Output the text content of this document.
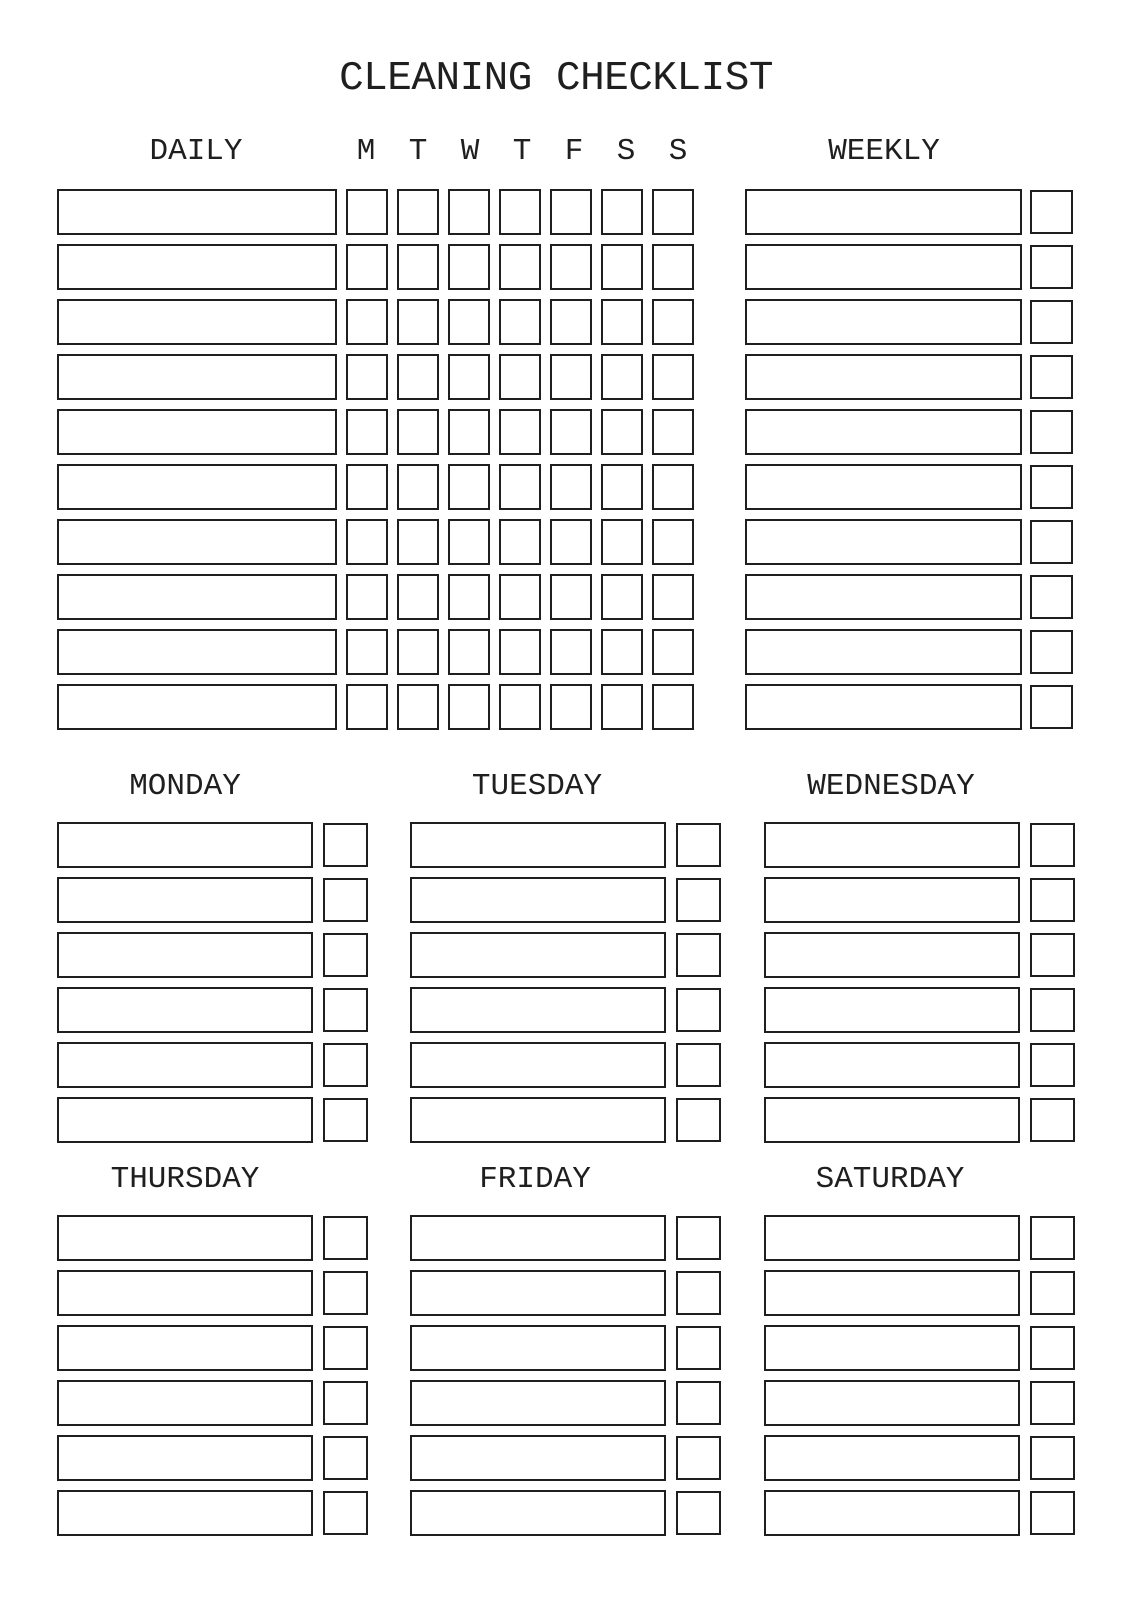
CLEANING CHECKLIST
DAILY	M T W T F S S	WEEKLY
MONDAY	TUESDAY	WEDNESDAY
THURSDAY	FRIDAY	SATURDAY
